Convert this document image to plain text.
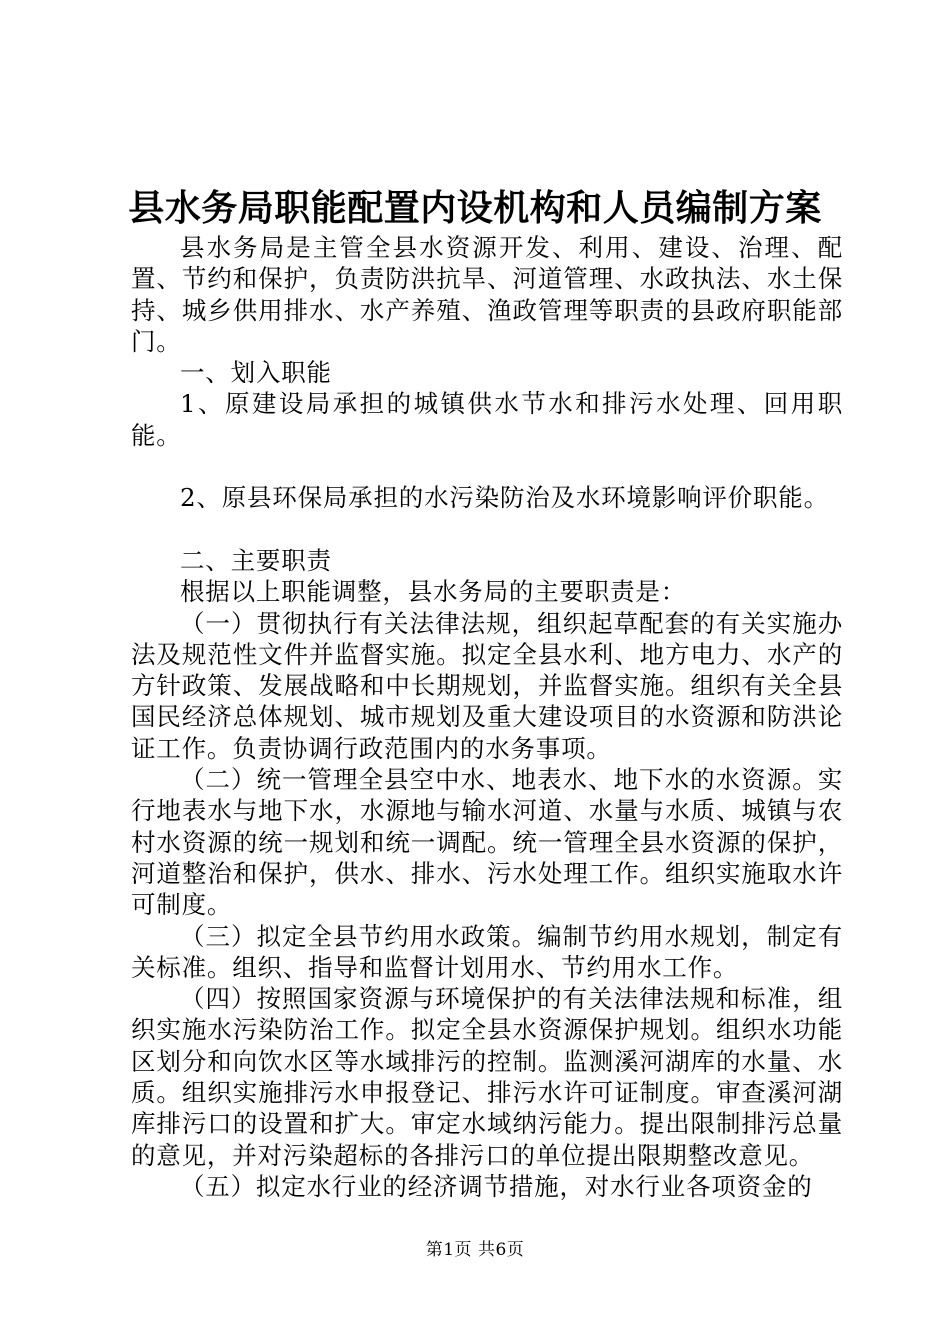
县水务局职能配置内设机构和人员编制方案

县水务局是主管全县水资源开发、利用、建设、治理、配置、节约和保护，负责防洪抗旱、河道管理、水政执法、水土保持、城乡供用排水、水产养殖、渔政管理等职责的县政府职能部门。

一、划入职能

1、原建设局承担的城镇供水节水和排污水处理、回用职能。

2、原县环保局承担的水污染防治及水环境影响评价职能。

二、主要职责

根据以上职能调整，县水务局的主要职责是：

（一）贯彻执行有关法律法规，组织起草配套的有关实施办法及规范性文件并监督实施。拟定全县水利、地方电力、水产的方针政策、发展战略和中长期规划，并监督实施。组织有关全县国民经济总体规划、城市规划及重大建设项目的水资源和防洪论证工作。负责协调行政范围内的水务事项。

（二）统一管理全县空中水、地表水、地下水的水资源。实行地表水与地下水，水源地与输水河道、水量与水质、城镇与农村水资源的统一规划和统一调配。统一管理全县水资源的保护，河道整治和保护，供水、排水、污水处理工作。组织实施取水许可制度。

（三）拟定全县节约用水政策。编制节约用水规划，制定有关标准。组织、指导和监督计划用水、节约用水工作。

（四）按照国家资源与环境保护的有关法律法规和标准，组织实施水污染防治工作。拟定全县水资源保护规划。组织水功能区划分和向饮水区等水域排污的控制。监测溪河湖库的水量、水质。组织实施排污水申报登记、排污水许可证制度。审查溪河湖库排污口的设置和扩大。审定水域纳污能力。提出限制排污总量的意见，并对污染超标的各排污口的单位提出限期整改意见。

（五）拟定水行业的经济调节措施，对水行业各项资金的

第1页 共6页
